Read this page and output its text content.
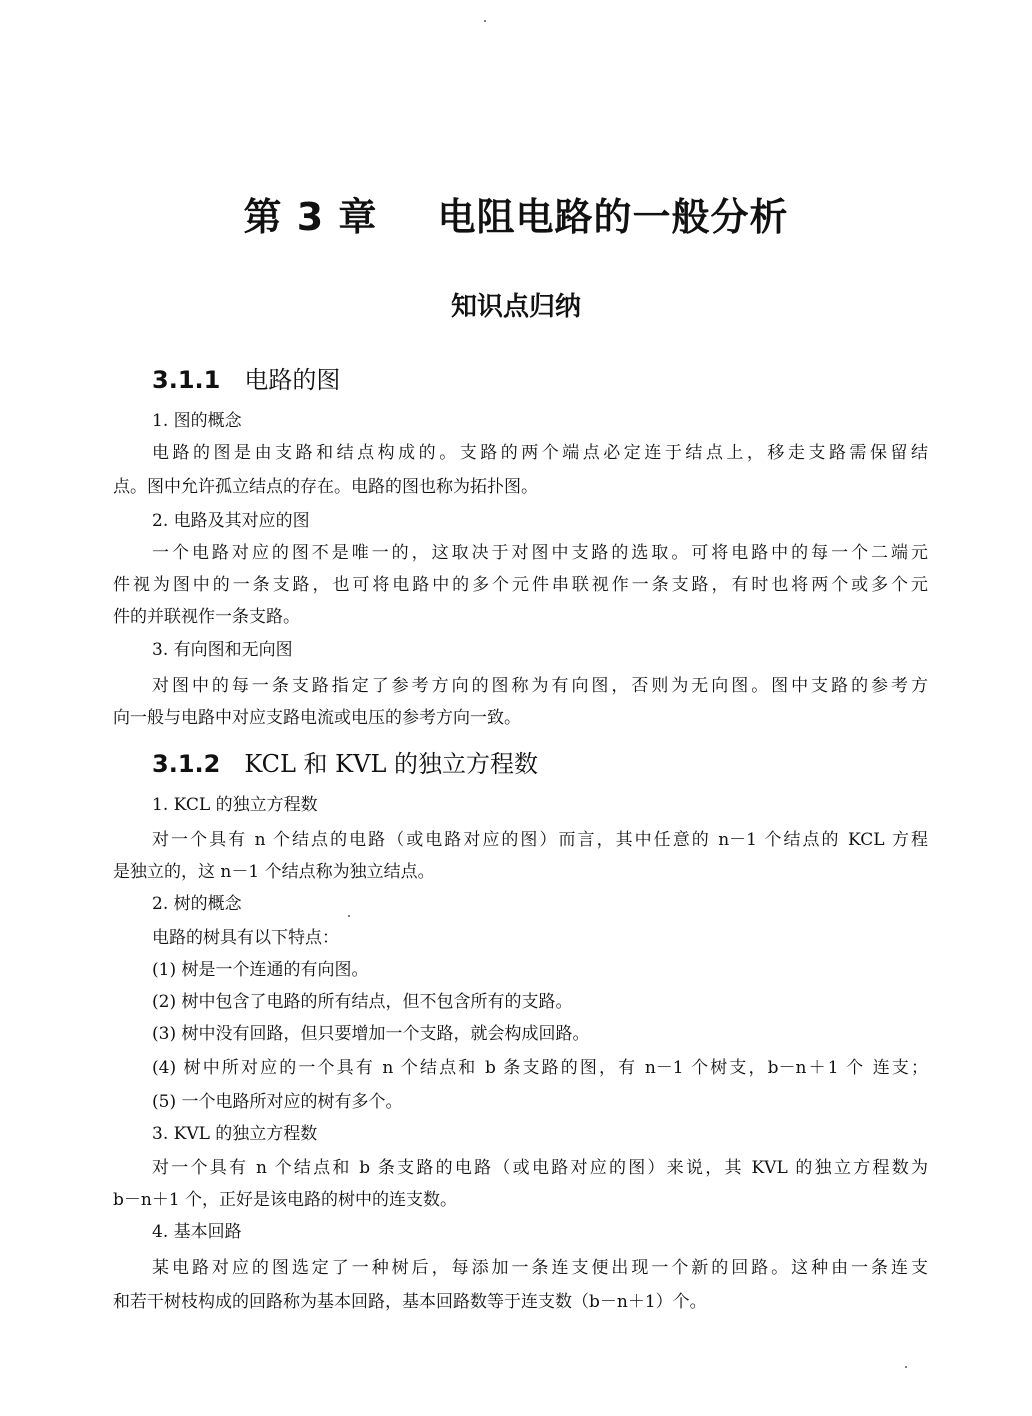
第 3 章 电阻电路的一般分析
知识点归纳
3.1.1 电路的图
1. 图的概念
电路的图是由支路和结点构成的。支路的两个端点必定连于结点上，移走支路需保留结
点。图中允许孤立结点的存在。电路的图也称为拓扑图。
2. 电路及其对应的图
一个电路对应的图不是唯一的，这取决于对图中支路的选取。可将电路中的每一个二端元
件视为图中的一条支路，也可将电路中的多个元件串联视作一条支路，有时也将两个或多个元
件的并联视作一条支路。
3. 有向图和无向图
对图中的每一条支路指定了参考方向的图称为有向图，否则为无向图。图中支路的参考方
向一般与电路中对应支路电流或电压的参考方向一致。
3.1.2 KCL 和 KVL 的独立方程数
1. KCL 的独立方程数
对一个具有 n 个结点的电路（或电路对应的图）而言，其中任意的 n－1 个结点的 KCL 方程
是独立的，这 n－1 个结点称为独立结点。
2. 树的概念
电路的树具有以下特点：
(1) 树是一个连通的有向图。
(2) 树中包含了电路的所有结点，但不包含所有的支路。
(3) 树中没有回路，但只要增加一个支路，就会构成回路。
(4) 树中所对应的一个具有 n 个结点和 b 条支路的图，有 n－1 个树支，b－n＋1 个 连支；
(5) 一个电路所对应的树有多个。
3. KVL 的独立方程数
对一个具有 n 个结点和 b 条支路的电路（或电路对应的图）来说，其 KVL 的独立方程数为
b－n＋1 个，正好是该电路的树中的连支数。
4. 基本回路
某电路对应的图选定了一种树后，每添加一条连支便出现一个新的回路。这种由一条连支
和若干树枝构成的回路称为基本回路，基本回路数等于连支数（b－n＋1）个。
